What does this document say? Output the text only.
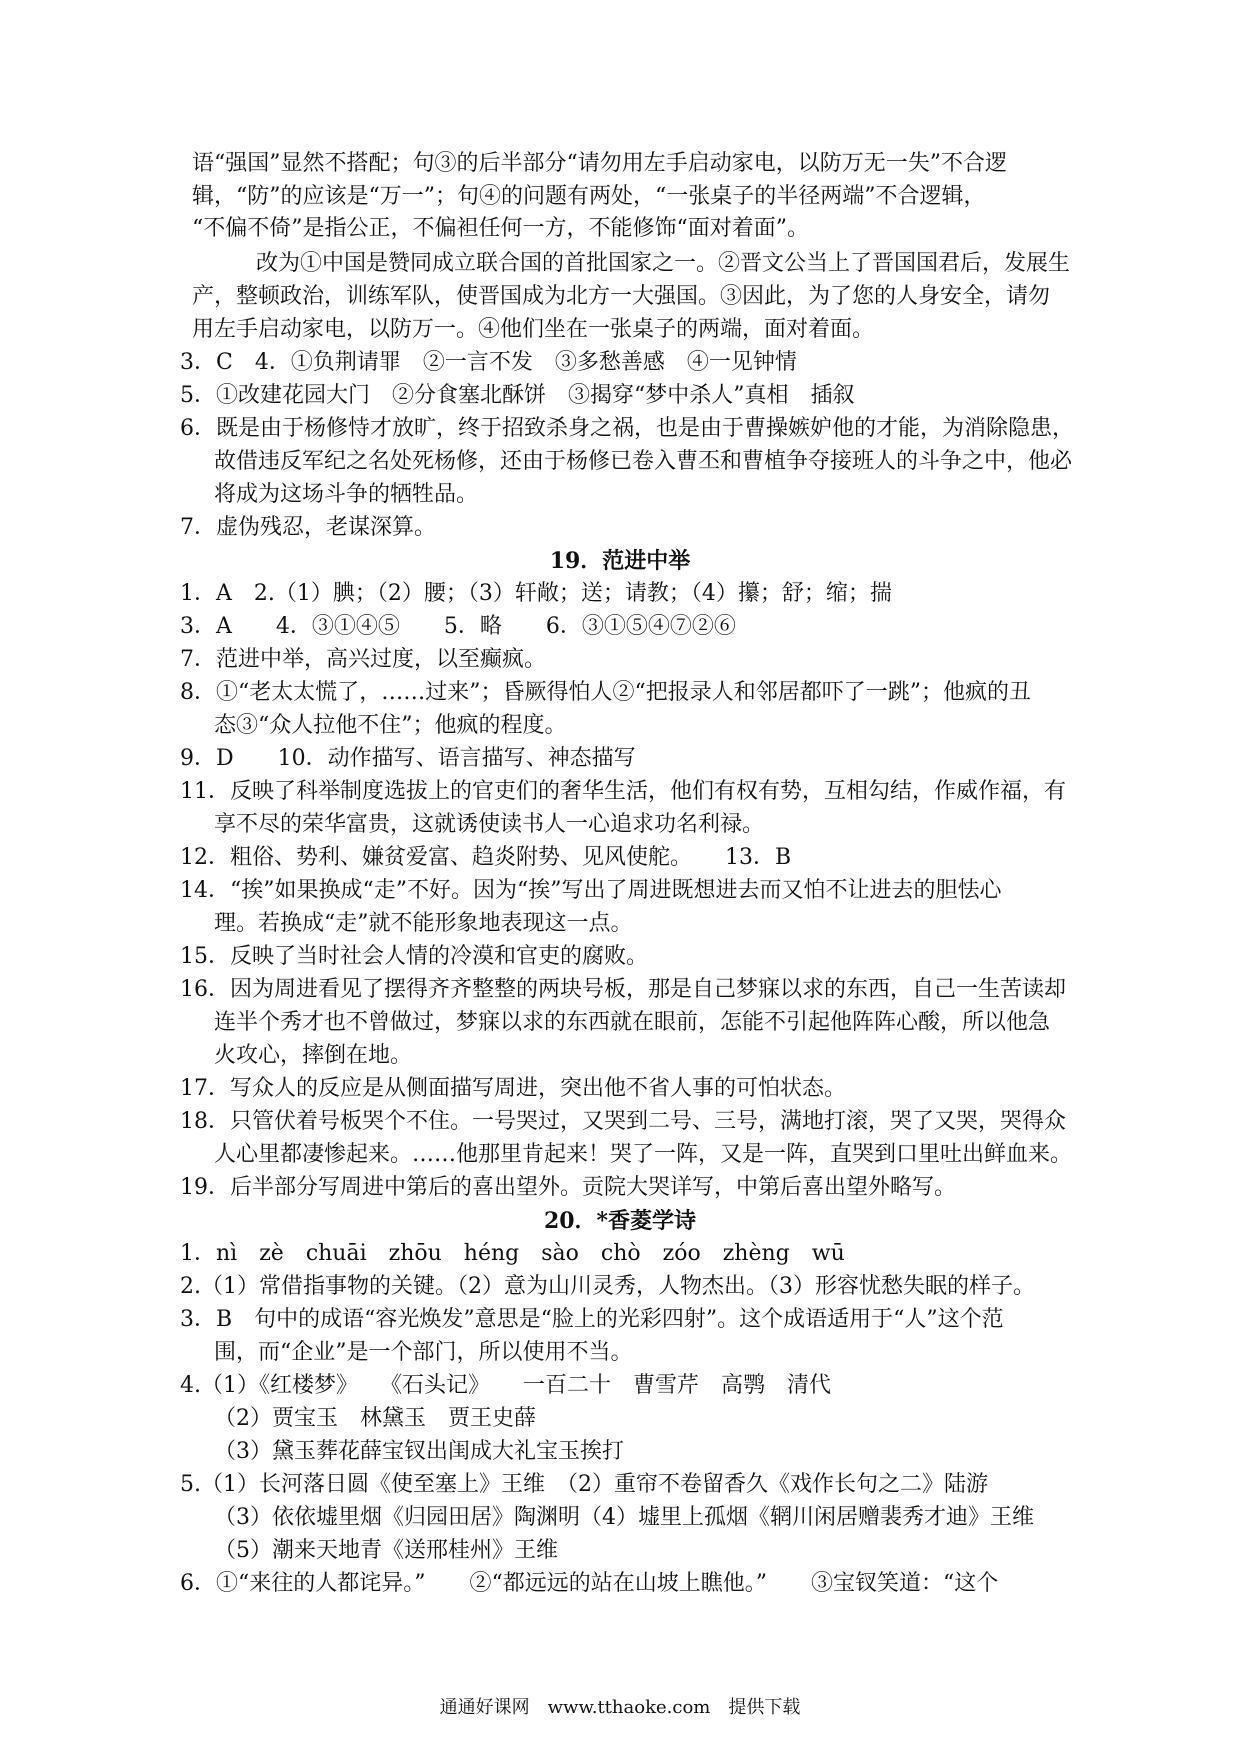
语“强国”显然不搭配；句③的后半部分“请勿用左手启动家电，以防万无一失”不合逻
辑，“防”的应该是“万一”；句④的问题有两处，“一张桌子的半径两端”不合逻辑，
“不偏不倚”是指公正，不偏袒任何一方，不能修饰“面对着面”。
改为①中国是赞同成立联合国的首批国家之一。②晋文公当上了晋国国君后，发展生
产，整顿政治，训练军队，使晋国成为北方一大强国。③因此，为了您的人身安全，请勿
用左手启动家电，以防万一。④他们坐在一张桌子的两端，面对着面。
3．C　4．①负荆请罪　②一言不发　③多愁善感　④一见钟情
5．①改建花园大门　②分食塞北酥饼　③揭穿“梦中杀人”真相　插叙
6．既是由于杨修恃才放旷，终于招致杀身之祸，也是由于曹操嫉妒他的才能，为消除隐患，
故借违反军纪之名处死杨修，还由于杨修已卷入曹丕和曹植争夺接班人的斗争之中，他必
将成为这场斗争的牺牲品。
7．虚伪残忍，老谋深算。
19．范进中举
1．A　2.（1）腆；（2）腰；（3）轩敞；送；请教；（4）攥；舒；缩；揣
3．A　　4．③①④⑤　　5．略　　6．③①⑤④⑦②⑥
7．范进中举，高兴过度，以至癫疯。
8．①“老太太慌了，……过来”；昏厥得怕人②“把报录人和邻居都吓了一跳”；他疯的丑
态③“众人拉他不住”；他疯的程度。
9．D　　10．动作描写、语言描写、神态描写
11．反映了科举制度选拔上的官吏们的奢华生活，他们有权有势，互相勾结，作威作福，有
享不尽的荣华富贵，这就诱使读书人一心追求功名利禄。
12．粗俗、势利、嫌贫爱富、趋炎附势、见风使舵。　　13．B
14．“挨”如果换成“走”不好。因为“挨”写出了周进既想进去而又怕不让进去的胆怯心
理。若换成“走”就不能形象地表现这一点。
15．反映了当时社会人情的冷漠和官吏的腐败。
16．因为周进看见了摆得齐齐整整的两块号板，那是自己梦寐以求的东西，自己一生苦读却
连半个秀才也不曾做过，梦寐以求的东西就在眼前，怎能不引起他阵阵心酸，所以他急
火攻心，摔倒在地。
17．写众人的反应是从侧面描写周进，突出他不省人事的可怕状态。
18．只管伏着号板哭个不住。一号哭过，又哭到二号、三号，满地打滚，哭了又哭，哭得众
人心里都凄惨起来。……他那里肯起来！哭了一阵，又是一阵，直哭到口里吐出鲜血来。
19．后半部分写周进中第后的喜出望外。贡院大哭详写，中第后喜出望外略写。
20．*香菱学诗
1．nì　zè　chuāi　zhōu　héng　sào　chò　zóo　zhèng　wū
2.（1）常借指事物的关键。（2）意为山川灵秀，人物杰出。（3）形容忧愁失眠的样子。
3．B　句中的成语“容光焕发”意思是“脸上的光彩四射”。这个成语适用于“人”这个范
围，而“企业”是一个部门，所以使用不当。
4.（1）《红楼梦》　　《石头记》　　一百二十　曹雪芹　高鹗　清代
（2）贾宝玉　林黛玉　贾王史薛
（3）黛玉葬花薛宝钗出闺成大礼宝玉挨打
5.（1）长河落日圆《使至塞上》王维　（2）重帘不卷留香久《戏作长句之二》陆游
（3）依依墟里烟《归园田居》陶渊明（4）墟里上孤烟《辋川闲居赠裴秀才迪》王维
（5）潮来天地青《送邢桂州》王维
6．①“来往的人都诧异。”　　②“都远远的站在山坡上瞧他。”　　③宝钗笑道：“这个
通通好课网　www.tthaoke.com　提供下载
